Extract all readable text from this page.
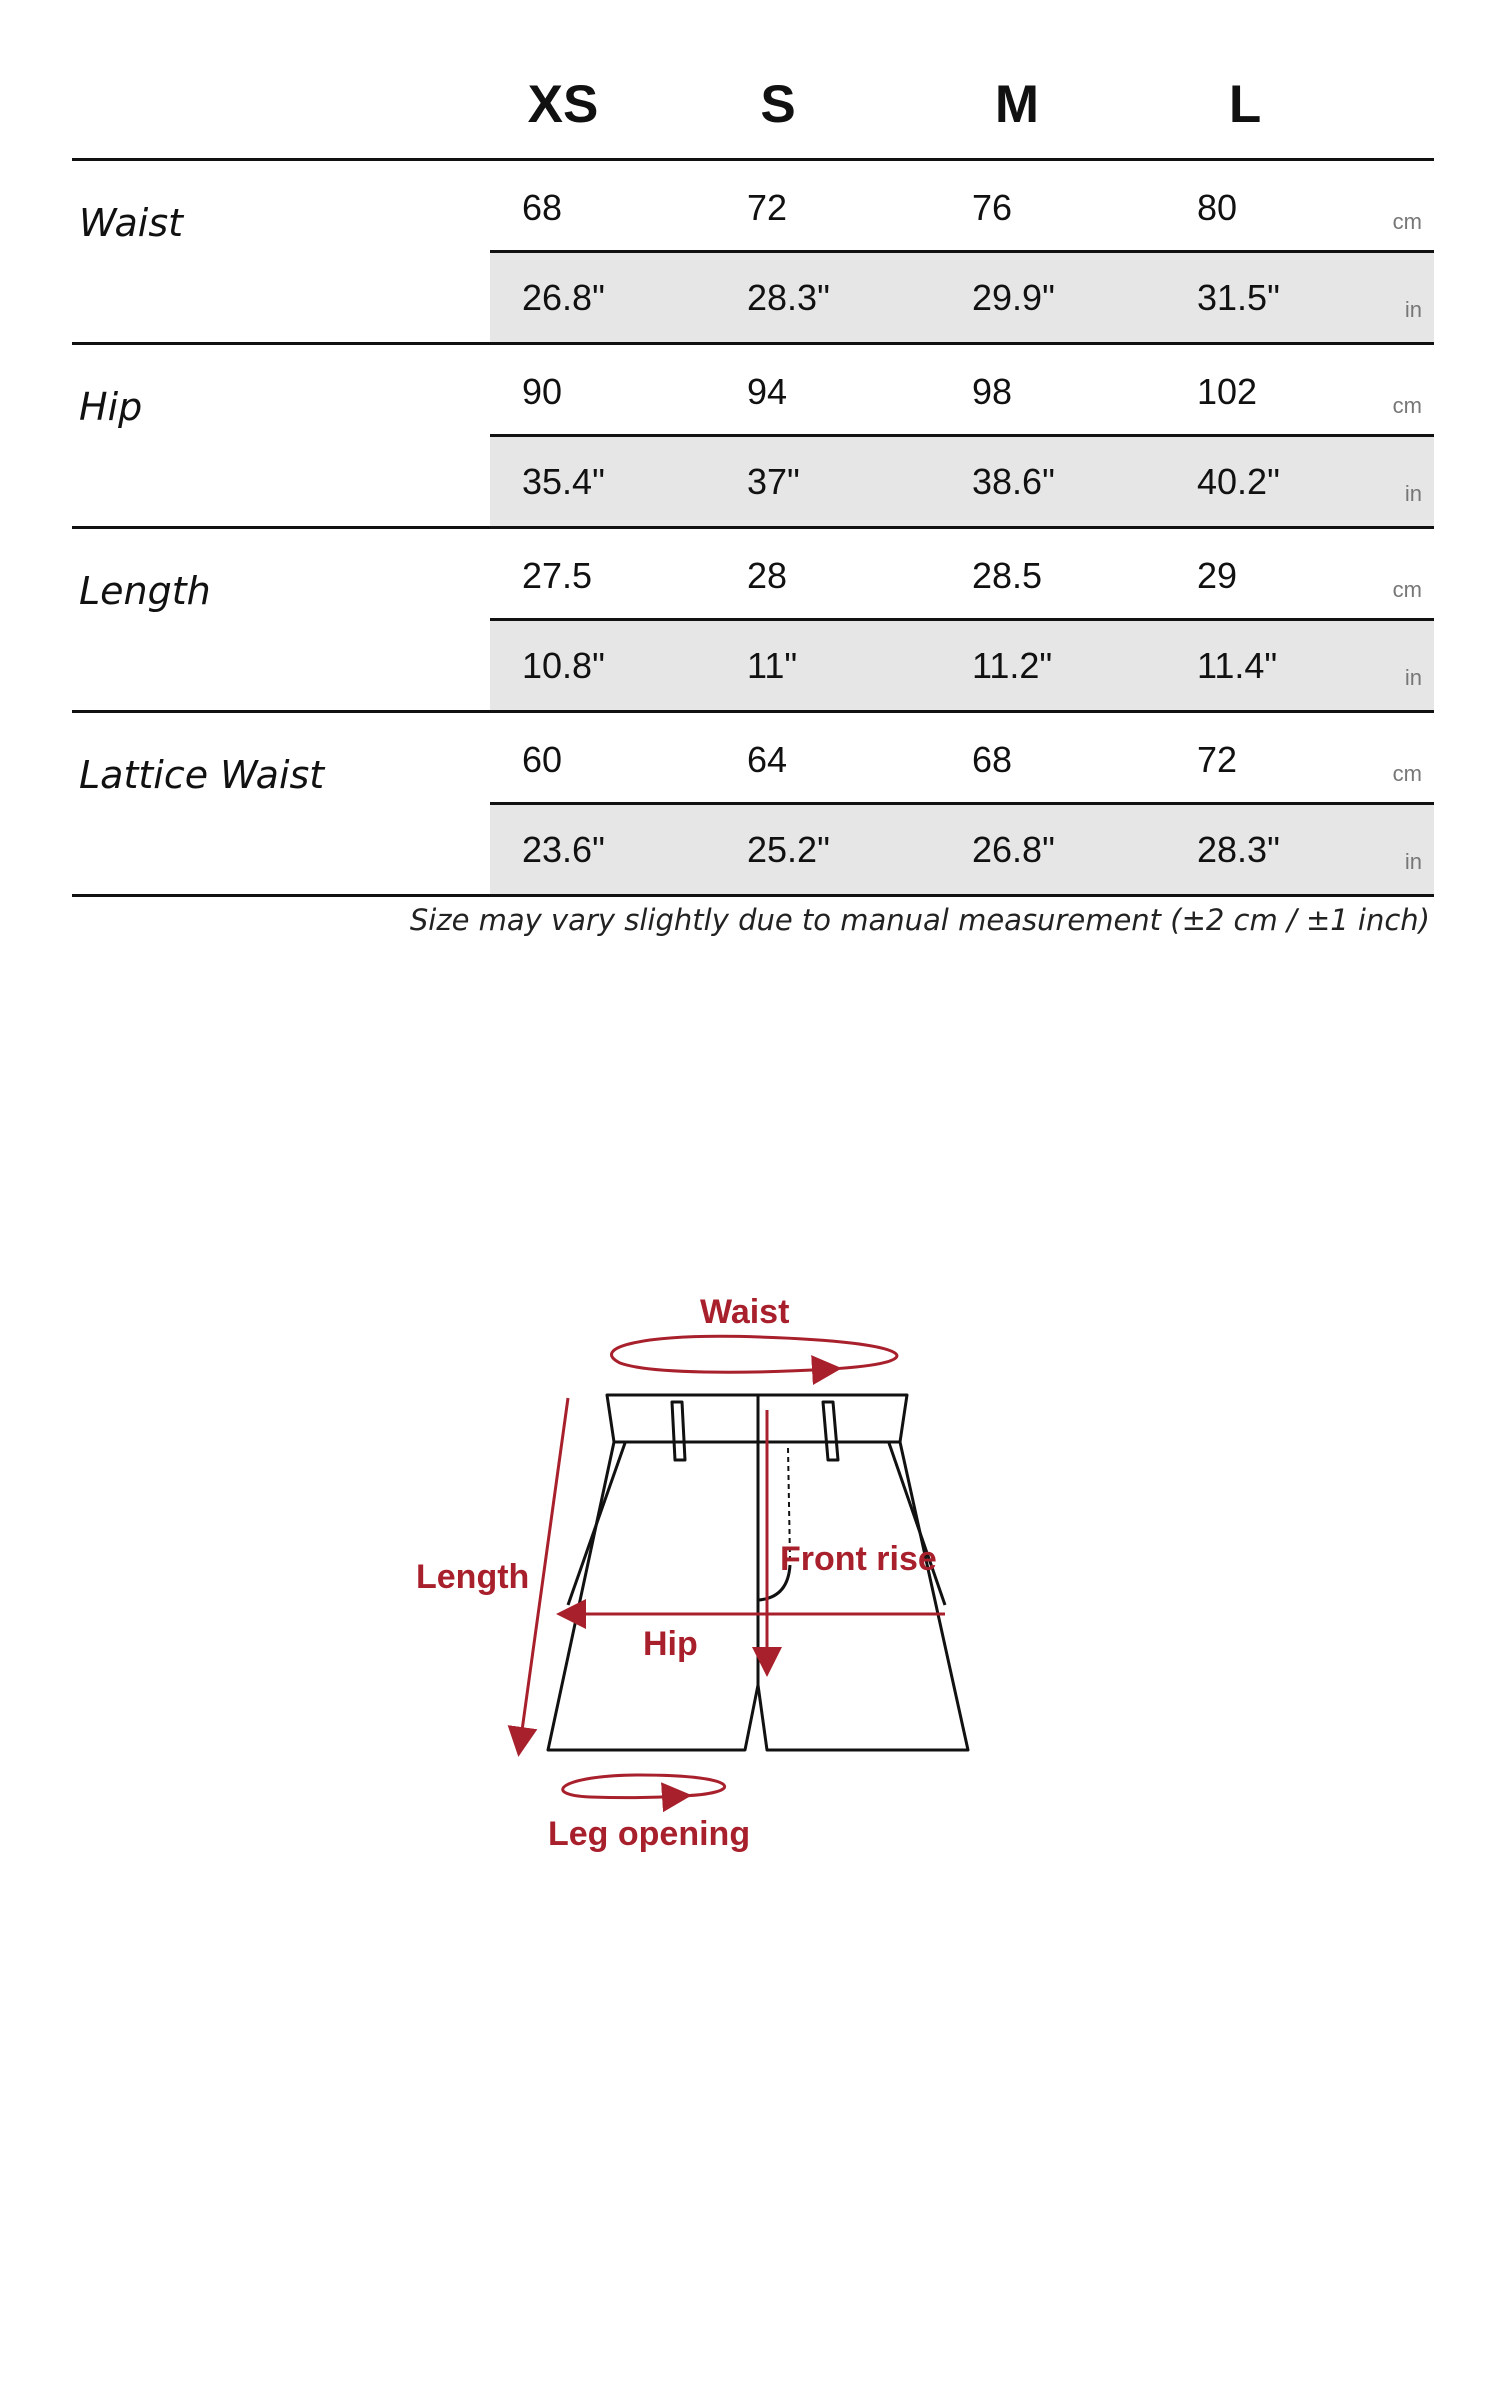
XS	S	M	L
Waist	68	72	76	80	cm
26.8"	28.3"	29.9"	31.5"	in
Hip	90	94	98	102	cm
35.4"	37"	38.6"	40.2"	in
Length	27.5	28	28.5	29	cm
10.8"	11"	11.2"	11.4"	in
Lattice Waist	60	64	68	72	cm
23.6"	25.2"	26.8"	28.3"	in
Size may vary slightly due to manual measurement (±2 cm / ±1 inch)
Waist
Length	Front rise
Hip
Leg opening
